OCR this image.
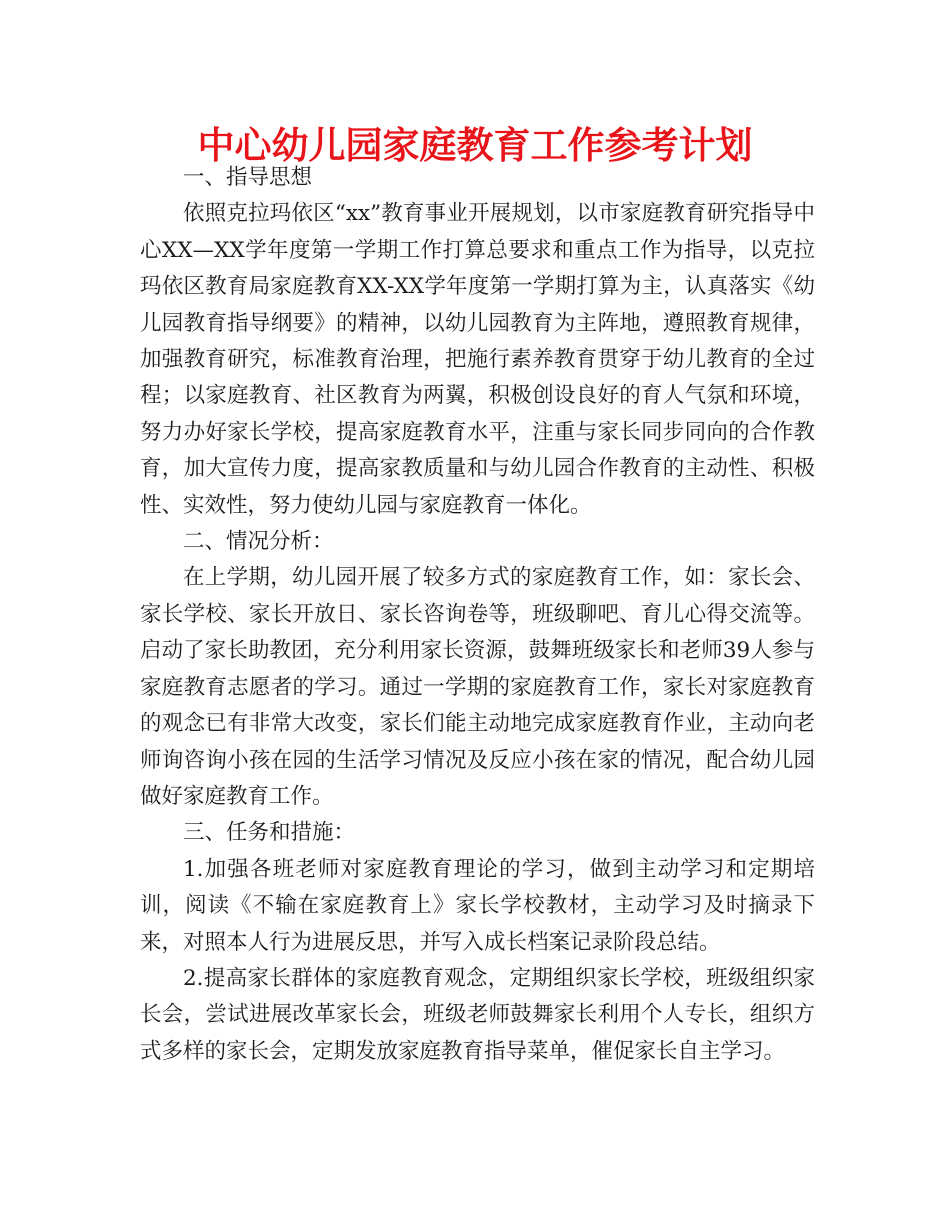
中心幼儿园家庭教育工作参考计划

一、指导思想

依照克拉玛依区“xx”教育事业开展规划，以市家庭教育研究指导中心XX—XX学年度第一学期工作打算总要求和重点工作为指导，以克拉玛依区教育局家庭教育XX-XX学年度第一学期打算为主，认真落实《幼儿园教育指导纲要》的精神，以幼儿园教育为主阵地，遵照教育规律，加强教育研究，标准教育治理，把施行素养教育贯穿于幼儿教育的全过程；以家庭教育、社区教育为两翼，积极创设良好的育人气氛和环境，努力办好家长学校，提高家庭教育水平，注重与家长同步同向的合作教育，加大宣传力度，提高家教质量和与幼儿园合作教育的主动性、积极性、实效性，努力使幼儿园与家庭教育一体化。

二、情况分析：

在上学期，幼儿园开展了较多方式的家庭教育工作，如：家长会、家长学校、家长开放日、家长咨询卷等，班级聊吧、育儿心得交流等。启动了家长助教团，充分利用家长资源，鼓舞班级家长和老师39人参与家庭教育志愿者的学习。通过一学期的家庭教育工作，家长对家庭教育的观念已有非常大改变，家长们能主动地完成家庭教育作业，主动向老师询咨询小孩在园的生活学习情况及反应小孩在家的情况，配合幼儿园做好家庭教育工作。

三、任务和措施：

1.加强各班老师对家庭教育理论的学习，做到主动学习和定期培训，阅读《不输在家庭教育上》家长学校教材，主动学习及时摘录下来，对照本人行为进展反思，并写入成长档案记录阶段总结。

2.提高家长群体的家庭教育观念，定期组织家长学校，班级组织家长会，尝试进展改革家长会，班级老师鼓舞家长利用个人专长，组织方式多样的家长会，定期发放家庭教育指导菜单，催促家长自主学习。
